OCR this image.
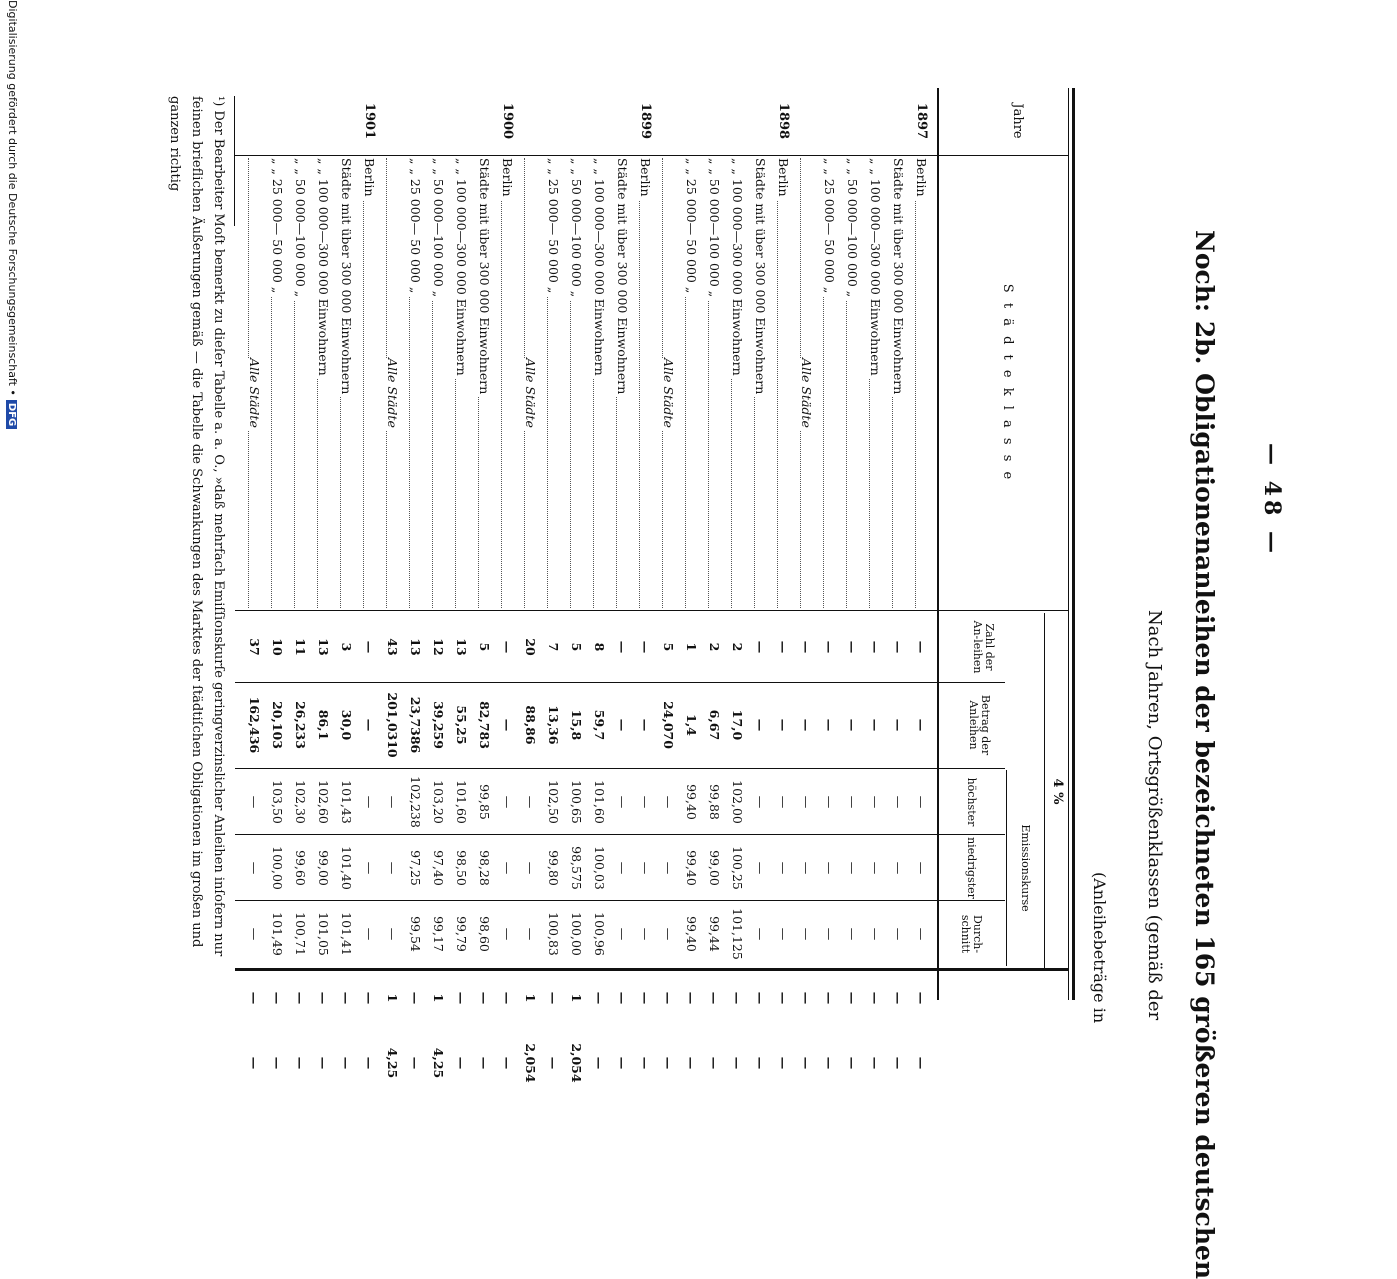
— 48 —
Noch: 2b. Obligationenanleihen der bezeichneten 165 größeren deutschen
Nach Jahren, Ortsgrößenklassen (gemäß der
(Anleihebeträge in
Jahre
S t ä d t e k l a s s e
4 %
Zahl der An-leihen
Betrag der Anleihen
Emissionskurse
höchster
niedrigster
Durch-schnitt
1897
Berlin
—
—
—
—
—
—
—
Städte mit über 300 000 Einwohnern
—
—
—
—
—
—
—
„ „ 100 000—300 000 Einwohnern
—
—
—
—
—
—
—
„ „ 50 000—100 000 „
—
—
—
—
—
—
—
„ „ 25 000— 50 000 „
—
—
—
—
—
—
—
Alle Städte
—
—
—
—
—
—
—
1898
Berlin
—
—
—
—
—
—
—
Städte mit über 300 000 Einwohnern
—
—
—
—
—
—
—
„ „ 100 000—300 000 Einwohnern
2
17,0
102,00
100,25
101,125
—
—
„ „ 50 000—100 000 „
2
6,67
99,88
99,00
99,44
—
—
„ „ 25 000— 50 000 „
1
1,4
99,40
99,40
99,40
—
—
Alle Städte
5
24,070
—
—
—
—
—
1899
Berlin
—
—
—
—
—
—
—
Städte mit über 300 000 Einwohnern
—
—
—
—
—
—
—
„ „ 100 000—300 000 Einwohnern
8
59,7
101,60
100,03
100,96
—
—
„ „ 50 000—100 000 „
5
15,8
100,65
98,575
100,00
1
2,054
„ „ 25 000— 50 000 „
7
13,36
102,50
99,80
100,83
—
—
Alle Städte
20
88,86
—
—
—
1
2,054
1900
Berlin
—
—
—
—
—
—
—
Städte mit über 300 000 Einwohnern
5
82,783
99,85
98,28
98,60
—
—
„ „ 100 000—300 000 Einwohnern
13
55,25
101,60
98,50
99,79
—
—
„ „ 50 000—100 000 „
12
39,259
103,20
97,40
99,17
1
4,25
„ „ 25 000— 50 000 „
13
23,7386
102,238
97,25
99,54
—
—
Alle Städte
43
201,0310
—
—
—
1
4,25
1901
Berlin
—
—
—
—
—
—
—
Städte mit über 300 000 Einwohnern
3
30,0
101,43
101,40
101,41
—
—
„ „ 100 000—300 000 Einwohnern
13
86,1
102,60
99,00
101,05
—
—
„ „ 50 000—100 000 „
11
26,233
102,30
99,60
100,71
—
—
„ „ 25 000— 50 000 „
10
20,103
103,50
100,00
101,49
—
—
Alle Städte
37
162,436
—
—
—
—
—
¹) Der Bearbeiter Moſt bemerkt zu dieſer Tabelle a. a. O., »daß mehrfach Emiſſionskurſe geringverzinslicher Anleihen inſofern nur feinen brieflichen Äußerungen gemäß — die Tabelle die Schwankungen des Marktes der ſtädtiſchen Obligationen im großen und ganzen richtig
Digitalisierung gefördert durch die Deutsche Forschungsgemeinschaft •DFG
